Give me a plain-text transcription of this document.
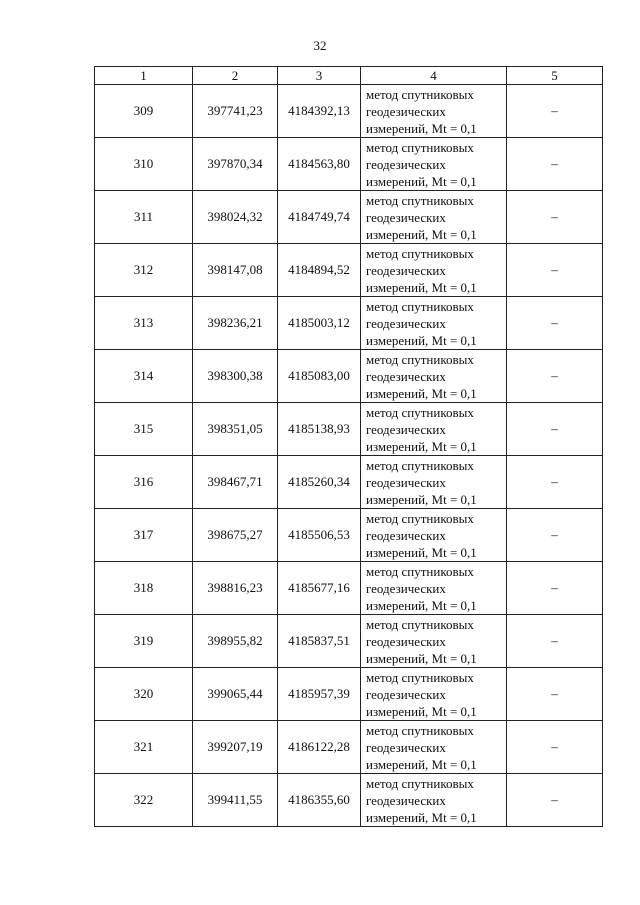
32
1	2	3	4	5
309	397741,23	4184392,13	метод спутниковых геодезических измерений, Mt = 0,1	–
310	397870,34	4184563,80	метод спутниковых геодезических измерений, Mt = 0,1	–
311	398024,32	4184749,74	метод спутниковых геодезических измерений, Mt = 0,1	–
312	398147,08	4184894,52	метод спутниковых геодезических измерений, Mt = 0,1	–
313	398236,21	4185003,12	метод спутниковых геодезических измерений, Mt = 0,1	–
314	398300,38	4185083,00	метод спутниковых геодезических измерений, Mt = 0,1	–
315	398351,05	4185138,93	метод спутниковых геодезических измерений, Mt = 0,1	–
316	398467,71	4185260,34	метод спутниковых геодезических измерений, Mt = 0,1	–
317	398675,27	4185506,53	метод спутниковых геодезических измерений, Mt = 0,1	–
318	398816,23	4185677,16	метод спутниковых геодезических измерений, Mt = 0,1	–
319	398955,82	4185837,51	метод спутниковых геодезических измерений, Mt = 0,1	–
320	399065,44	4185957,39	метод спутниковых геодезических измерений, Mt = 0,1	–
321	399207,19	4186122,28	метод спутниковых геодезических измерений, Mt = 0,1	–
322	399411,55	4186355,60	метод спутниковых геодезических измерений, Mt = 0,1	–
